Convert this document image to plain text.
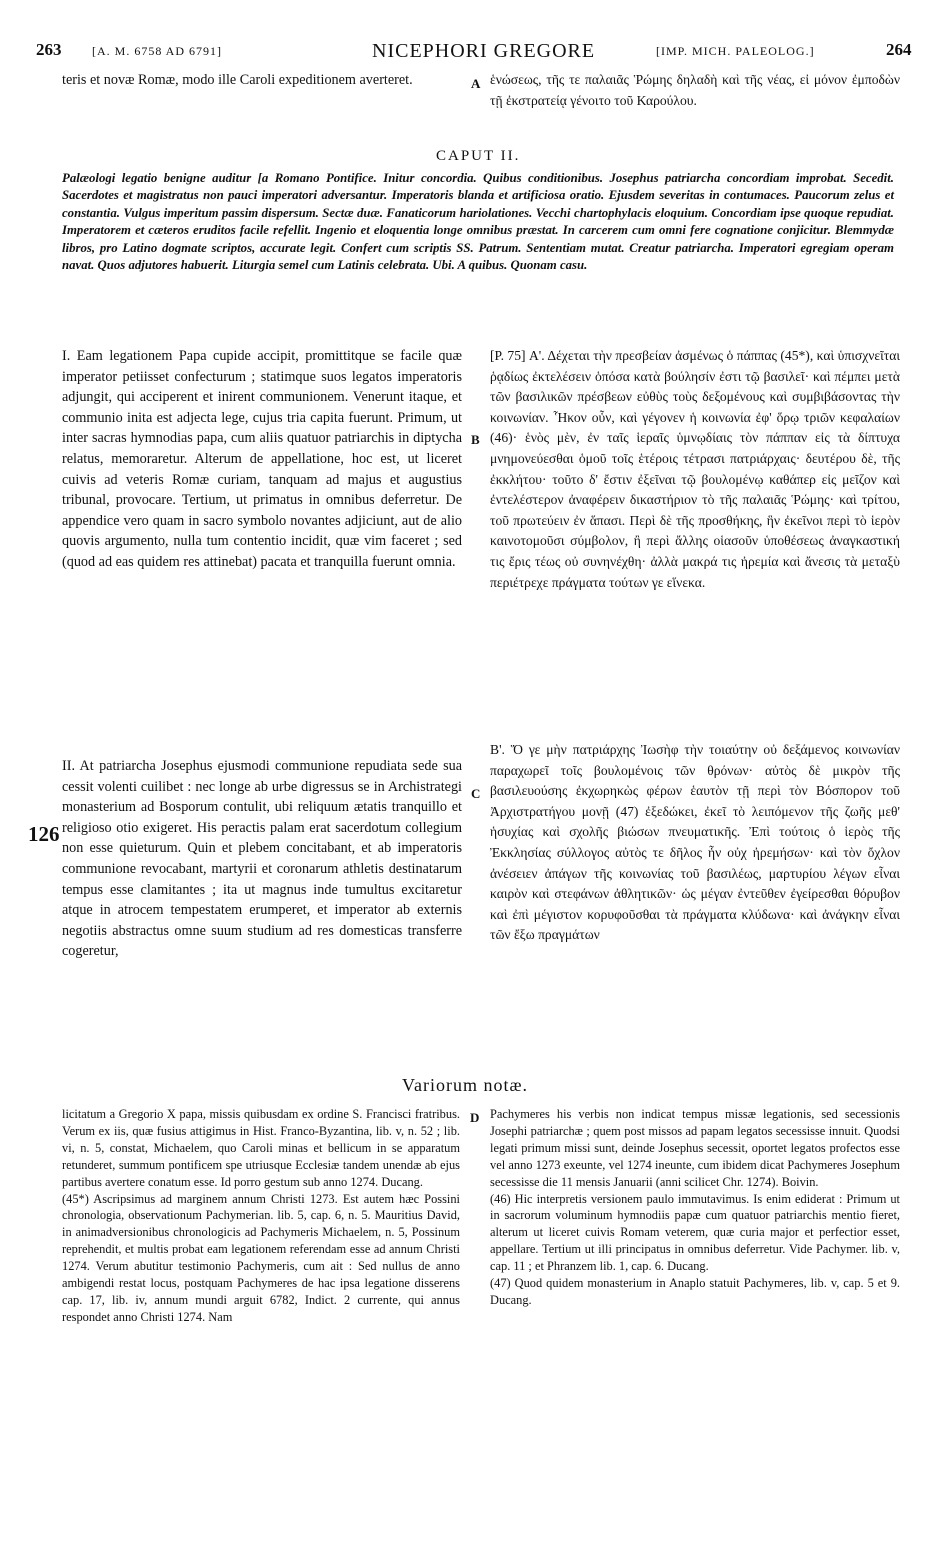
263	[A. M. 6758 AD 6791]	NICEPHORI GREGORE	[IMP. MICH. PALEOLOG.]	264

teris et novæ Romæ, modo ille Caroli expeditionem averteret.	A ἑνώσεως, τῆς τε παλαιᾶς Ῥώμης δηλαδὴ καὶ τῆς νέας, εἰ μόνον ἐμποδὼν τῇ ἐκστρατείᾳ γένοιτο τοῦ Καρούλου.

CAPUT II.
Palæologi legatio benigne auditur [a Romano Pontifice. Initur concordia. Quibus conditionibus. Josephus patriarcha concordiam improbat. Secedit. Sacerdotes et magistratus non pauci imperatori adversantur. Imperatoris blanda et artificiosa oratio. Ejusdem severitas in contumaces. Paucorum zelus et constantia. Vulgus imperitum passim dispersum. Sectæ duæ. Fanaticorum hariolationes. Vecchi chartophylacis eloquium. Concordiam ipse quoque repudiat. Imperatorem et cæteros eruditos facile refellit. Ingenio et eloquentia longe omnibus præstat. In carcerem cum omni fere cognatione conjicitur. Blemmydæ libros, pro Latino dogmate scriptos, accurate legit. Confert cum scriptis SS. Patrum. Sententiam mutat. Creatur patriarcha. Imperatori egregiam operam navat. Quos adjutores habuerit. Liturgia semel cum Latinis celebrata. Ubi. A quibus. Quonam casu.

I. Eam legationem Papa cupide accipit, promittitque se facile quæ imperator petiisset confecturum ; statimque suos legatos imperatoris adjungit, qui acciperent et inirent communionem. Venerunt itaque, et communio inita est adjecta lege, cujus tria capita fuerunt. Primum, ut inter sacras hymnodias papa, cum aliis quatuor patriarchis in diptycha relatus, memoraretur. Alterum de appellatione, hoc est, ut liceret cuivis ad veteris Romæ curiam, tanquam ad majus et augustius tribunal, provocare. Tertium, ut primatus in omnibus deferretur. De appendice vero quam in sacro symbolo novantes adjiciunt, aut de alio quovis argumento, nulla tum contentio incidit, quæ vim faceret ; sed (quod ad eas quidem res attinebat) pacata et tranquilla fuerunt omnia.

B

[P. 75] Α'. Δέχεται τὴν πρεσβείαν ἀσμένως ὁ πάππας (45*), καὶ ὑπισχνεῖται ῥᾳδίως ἐκτελέσειν ὁπόσα κατὰ βούλησίν ἐστι τῷ βασιλεῖ· καὶ πέμπει μετὰ τῶν βασιλικῶν πρέσβεων εὐθὺς τοὺς δεξομένους καὶ συμβιβάσοντας τὴν κοινωνίαν. Ἧκον οὖν, καὶ γέγονεν ἡ κοινωνία ἐφ' ὅρῳ τριῶν κεφαλαίων (46)· ἑνὸς μὲν, ἐν ταῖς ἱεραῖς ὑμνῳδίαις τὸν πάππαν εἰς τὰ δίπτυχα μνημονεύεσθαι ὁμοῦ τοῖς ἑτέροις τέτρασι πατριάρχαις· δευτέρου δὲ, τῆς ἐκκλήτου· τοῦτο δ' ἔστιν ἐξεῖναι τῷ βουλομένῳ καθάπερ εἰς μεῖζον καὶ ἐντελέστερον ἀναφέρειν δικαστήριον τὸ τῆς παλαιᾶς Ῥώμης· καὶ τρίτου, τοῦ πρωτεύειν ἐν ἅπασι. Περὶ δὲ τῆς προσθήκης, ἣν ἐκεῖνοι περὶ τὸ ἱερὸν καινοτομοῦσι σύμβολον, ἢ περὶ ἄλλης οἱασοῦν ὑποθέσεως ἀναγκαστική τις ἔρις τέως οὐ συνηνέχθη· ἀλλὰ μακρά τις ἠρεμία καὶ ἄνεσις τὰ μεταξὺ περιέτρεχε πράγματα τούτων γε εἵνεκα.

II. At patriarcha Josephus ejusmodi communione repudiata sede sua cessit volenti cuilibet : nec longe ab urbe digressus se in Archistrategi monasterium ad Bosporum contulit, ubi reliquum ætatis tranquillo et religioso otio exigeret. His peractis palam erat sacerdotum collegium non esse quieturum. Quin et plebem concitabant, et ab imperatoris communione revocabant, martyrii et coronarum athletis destinatarum tempus esse clamitantes ; ita ut magnus inde tumultus excitaretur atque in atrocem tempestatem erumperet, et imperator ab externis negotiis abstractus omne suum studium ad res domesticas transferre cogeretur,

126
C

Β'. Ὅ γε μὴν πατριάρχης Ἰωσὴφ τὴν τοιαύτην οὐ δεξάμενος κοινωνίαν παραχωρεῖ τοῖς βουλομένοις τῶν θρόνων· αὐτὸς δὲ μικρὸν τῆς βασιλευούσης ἐκχωρηκὼς φέρων ἑαυτὸν τῇ περὶ τὸν Βόσπορον τοῦ Ἀρχιστρατήγου μονῇ (47) ἐξεδώκει, ἐκεῖ τὸ λειπόμενον τῆς ζωῆς μεθ' ἡσυχίας καὶ σχολῆς βιώσων πνευματικῆς. Ἐπὶ τούτοις ὁ ἱερὸς τῆς Ἐκκλησίας σύλλογος αὐτὸς τε δῆλος ἦν οὐχ ἠρεμήσων· καὶ τὸν ὄχλον ἀνέσειεν ἀπάγων τῆς κοινωνίας τοῦ βασιλέως, μαρτυρίου λέγων εἶναι καιρὸν καὶ στεφάνων ἀθλητικῶν· ὡς μέγαν ἐντεῦθεν ἐγείρεσθαι θόρυβον καὶ ἐπὶ μέγιστον κορυφοῦσθαι τὰ πράγματα κλύδωνα· καὶ ἀνάγκην εἶναι τῶν ἔξω πραγμάτων

Variorum notæ.

licitatum a Gregorio X papa, missis quibusdam ex ordine S. Francisci fratribus. Verum ex iis, quæ fusius attigimus in Hist. Franco-Byzantina, lib. v, n. 52 ; lib. vi, n. 5, constat, Michaelem, quo Caroli minas et bellicum in se apparatum retunderet, summum pontificem spe utriusque Ecclesiæ tandem unendæ ab ejus partibus avertere conatum esse. Id porro gestum sub anno 1274. Ducang.

(45*) Ascripsimus ad marginem annum Christi 1273. Est autem hæc Possini chronologia, observationum Pachymerian. lib. 5, cap. 6, n. 5. Mauritius David, in animadversionibus chronologicis ad Pachymeris Michaelem, n. 5, Possinum reprehendit, et multis probat eam legationem referendam esse ad annum Christi 1274. Verum abutitur testimonio Pachymeris, cum ait : Sed nullus de anno ambigendi restat locus, postquam Pachymeres de hac ipsa legatione disserens cap. 17, lib. iv, annum mundi arguit 6782, Indict. 2 currente, qui annus respondet anno Christi 1274. Nam

D Pachymeres his verbis non indicat tempus missæ legationis, sed secessionis Josephi patriarchæ ; quem post missos ad papam legatos secessisse innuit. Quodsi legati primum missi sunt, deinde Josephus secessit, oportet legatos profectos esse vel anno 1273 exeunte, vel 1274 ineunte, cum ibidem dicat Pachymeres Josephum secessisse die 11 mensis Januarii (anni scilicet Chr. 1274). Boivin.

(46) Hic interpretis versionem paulo immutavimus. Is enim ediderat : Primum ut in sacrorum voluminum hymnodiis papæ cum quatuor patriarchis mentio fieret, alterum ut liceret cuivis Romam veterem, quæ curia major et perfectior esset, appellare. Tertium ut illi principatus in omnibus deferretur. Vide Pachymer. lib. v, cap. 11 ; et Phranzem lib. 1, cap. 6. Ducang.

(47) Quod quidem monasterium in Anaplo statuit Pachymeres, lib. v, cap. 5 et 9. Ducang.
